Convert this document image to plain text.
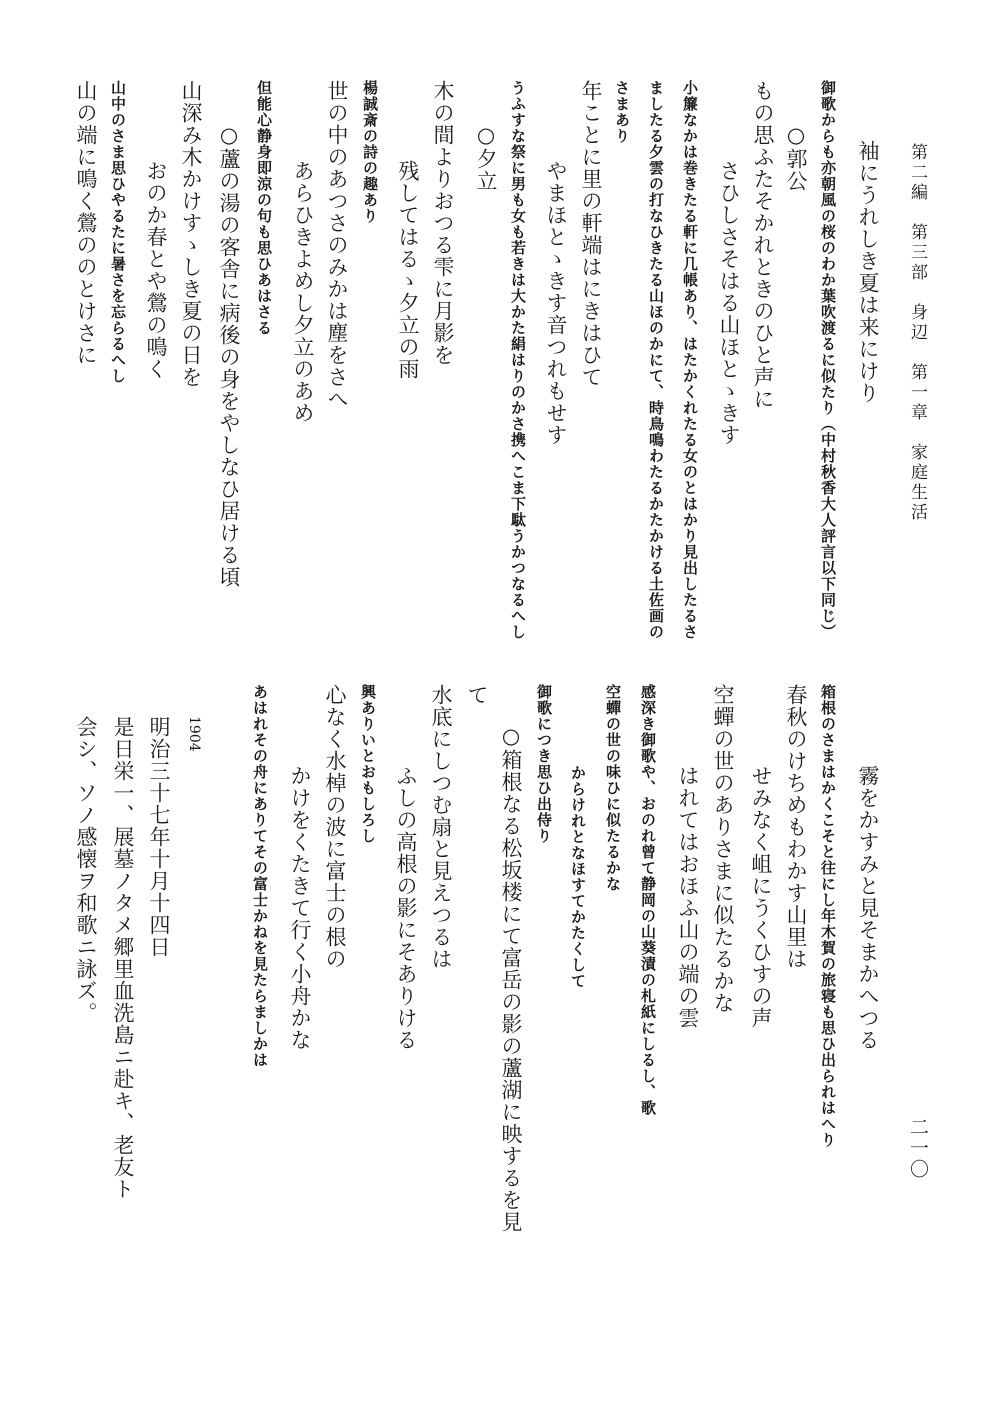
第二編　第三部　身辺　第一章　家庭生活
二一〇
袖にうれしき夏は来にけり
御歌からも亦朝風の桜のわか葉吹渡るに似たり（中村秋香大人評言以下同じ）
○郭公
もの思ふたそかれときのひと声に
さひしさそはる山ほとゝきす
小簾なかは巻きたる軒に几帳あり、はたかくれたる女のとはかり見出したるさ
ましたる夕雲の打なひきたる山ほのかにて、時鳥鳴わたるかたかける土佐画の
さまあり
年ことに里の軒端はにきはひて
やまほとゝきす音つれもせす
うふすな祭に男も女も若きは大かた絹はりのかさ携へこま下駄うかつなるへし
○夕立
木の間よりおつる雫に月影を
残してはるゝ夕立の雨
楊誠斎の詩の趣あり
世の中のあつさのみかは塵をさへ
あらひきよめし夕立のあめ
但能心静身即涼の句も思ひあはさる
○蘆の湯の客舎に病後の身をやしなひ居ける頃
山深み木かけすゝしき夏の日を
おのか春とや鶯の鳴く
山中のさま思ひやるたに暑さを忘らるへし
山の端に鳴く鶯ののとけさに
霧をかすみと見そまかへつる
箱根のさまはかくこそと往にし年木賀の旅寝も思ひ出られはへり
春秋のけちめもわかす山里は
せみなく岨にうくひすの声
空蟬の世のありさまに似たるかな
はれてはおほふ山の端の雲
感深き御歌や、おのれ曾て静岡の山葵漬の札紙にしるし、歌
空蟬の世の味ひに似たるかな
からけれとなほすてかたくして
御歌につき思ひ出侍り
○箱根なる松坂楼にて富岳の影の蘆湖に映するを見
て
水底にしつむ扇と見えつるは
ふしの高根の影にそありける
興ありいとおもしろし
心なく水棹の波に富士の根の
かけをくたきて行く小舟かな
あはれその舟にありてその富士かねを見たらましかは
1904
明治三十七年十月十四日
是日栄一、展墓ノタメ郷里血洗島ニ赴キ、老友ト
会シ、ソノ感懐ヲ和歌ニ詠ズ。
